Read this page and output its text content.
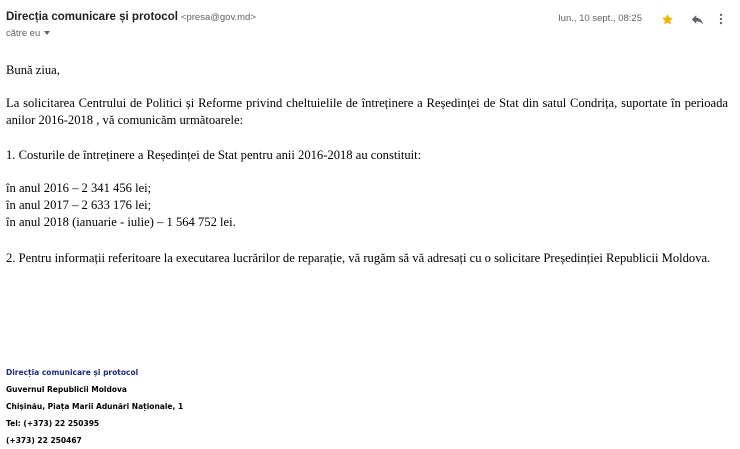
Direcția comunicare și protocol <presa@gov.md>
către eu
lun., 10 sept., 08:25

Bună ziua,

La solicitarea Centrului de Politici și Reforme privind cheltuielile de întreținere a Reședinței de Stat din satul Condrița, suportate în perioada anilor 2016-2018 , vă comunicăm următoarele:

1. Costurile de întreținere a Reședinței de Stat pentru anii 2016-2018 au constituit:

în anul 2016 – 2 341 456 lei;
în anul 2017 – 2 633 176 lei;
în anul 2018 (ianuarie - iulie) – 1 564 752 lei.

2. Pentru informații referitoare la executarea lucrărilor de reparație, vă rugăm să vă adresați cu o solicitare Președinției Republicii Moldova.

Direcția comunicare și protocol
Guvernul Republicii Moldova
Chișinău, Piața Marii Adunări Naționale, 1
Tel: (+373) 22 250395
(+373) 22 250467
